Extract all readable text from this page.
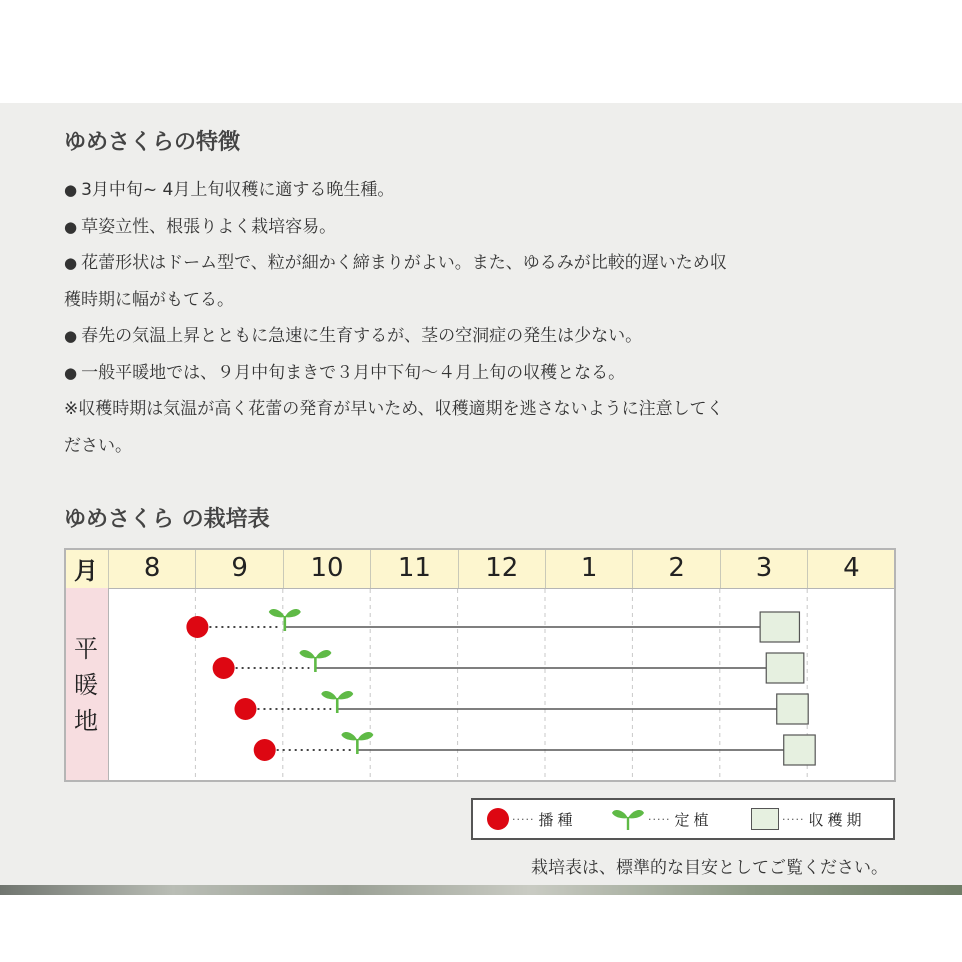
ゆめさくらの特徴
● 3月中旬~ 4月上旬収穫に適する晩生種。
● 草姿立性、根張りよく栽培容易。
● 花蕾形状はドーム型で、粒が細かく締まりがよい。また、ゆるみが比較的遅いため収
穫時期に幅がもてる。
● 春先の気温上昇とともに急速に生育するが、茎の空洞症の発生は少ない。
● 一般平暖地では、９月中旬まきで３月中下旬～４月上旬の収穫となる。
※収穫時期は気温が高く花蕾の発育が早いため、収穫適期を逃さないように注意してく
ださい。
ゆめさくら の栽培表
月	8	9	10	11	12	1	2	3	4
平
暖
地
····· 播種	····· 定植	····· 収穫期
栽培表は、標準的な目安としてご覧ください。
